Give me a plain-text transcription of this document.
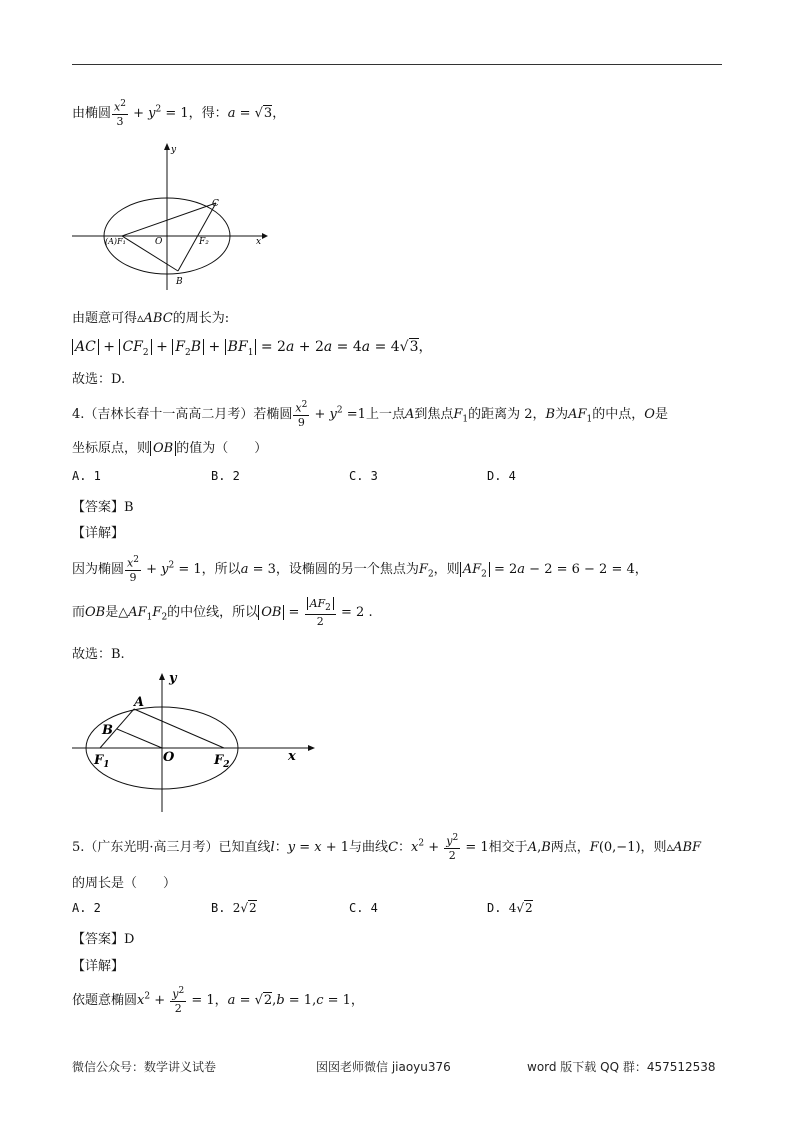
由椭圆 $\frac{x^2}{3} + y^2 = 1$，得：a = √3，
y
x
C
O	F₂
(A)F₁
B
由题意可得▵ABC的周长为:
AC + $CF_2 + F_2B + BF_1 = 2a + 2a = 4a = 4√3$，
故选：D.
4.（吉林长春十一高高二月考）若椭圆 $\frac{x^2}{9} + y^2 =1$上一点A到焦点$F_1$的距离为 2，B为$AF_1$的中点，O是
坐标原点，则 OB 的值为（　　）
A. 1	B. 2	C. 3	D. 4
【答案】B
【详解】
因为椭圆 $\frac{x^2}{9} + y^2 = 1$，所以a = 3，设椭圆的另一个焦点为$F_2$，则 $AF_2 = 2a - 2 = 6 - 2 = 4$，
而OB是$\triangle AF_1F_2$的中位线，所以 OB = $\frac{AF_2}{2} = 2$ .
故选：B.
y
x
A
B
O
$F_1$	$F_2$
5.（广东光明·高三月考）已知直线l：y = x + 1与曲线C：$x^2 + \frac{y^2}{2} = 1$相交于A,B两点，F(0,−1)，则▵ABF
的周长是（　　）
A. 2	B. 2√2	C. 4	D. 4√2
【答案】D
【详解】
依题意椭圆$x^2 + \frac{y^2}{2} = 1$，a = √2,b = 1,c = 1，
微信公众号：数学讲义试卷	囡囡老师微信 jiaoyu376	word 版下载 QQ 群：457512538
